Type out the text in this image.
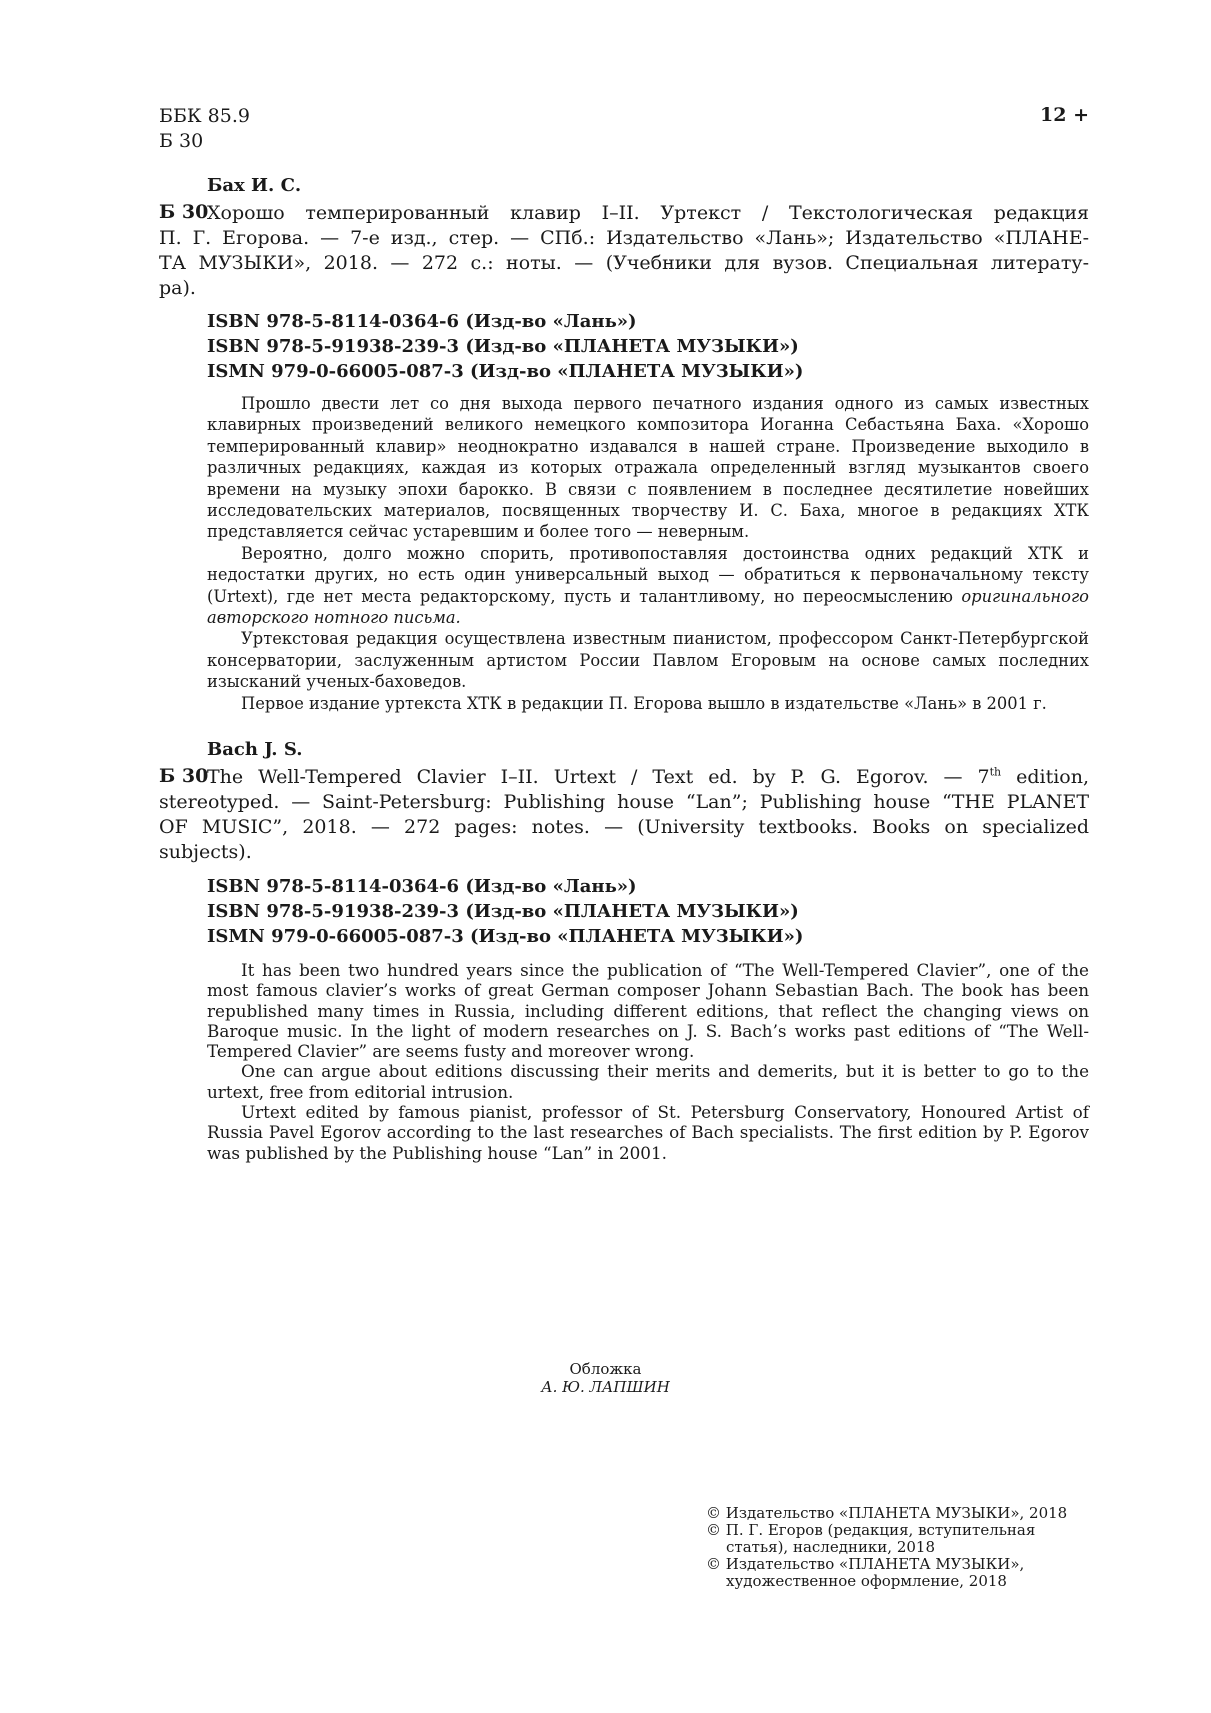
ББК 85.9
Б 30
12 +
Бах И. С.
Б 30
Хорошо темперированный клавир I–II. Уртекст / Текстологическая редакция
П. Г. Егорова. — 7-е изд., стер. — СПб.: Издательство «Лань»; Издательство «ПЛАНЕ-
ТА МУЗЫКИ», 2018. — 272 с.: ноты. — (Учебники для вузов. Специальная литерату-
ра).
ISBN 978-5-8114-0364-6 (Изд-во «Лань»)
ISBN 978-5-91938-239-3 (Изд-во «ПЛАНЕТА МУЗЫКИ»)
ISMN 979-0-66005-087-3 (Изд-во «ПЛАНЕТА МУЗЫКИ»)

Прошло двести лет со дня выхода первого печатного издания одного из самых известных клавирных произведений великого немецкого композитора Иоганна Себастьяна Баха. «Хорошо темперированный клавир» неоднократно издавался в нашей стране. Произведение выходило в различных редакциях, каждая из которых отражала определенный взгляд музыкантов своего времени на музыку эпохи барокко. В связи с появлением в последнее десятилетие новейших исследовательских материалов, посвященных творчеству И. С. Баха, многое в редакциях ХТК представляется сейчас устаревшим и более того — неверным.

Вероятно, долго можно спорить, противопоставляя достоинства одних редакций ХТК и недостатки других, но есть один универсальный выход — обратиться к первоначальному тексту (Urtext), где нет места редакторскому, пусть и талантливому, но переосмыслению оригинального авторского нотного письма.

Уртекстовая редакция осуществлена известным пианистом, профессором Санкт-Петербургской консерватории, заслуженным артистом России Павлом Егоровым на основе самых последних изысканий ученых-баховедов.

Первое издание уртекста ХТК в редакции П. Егорова вышло в издательстве «Лань» в 2001 г.

Bach J. S.
Б 30
The Well-Tempered Clavier I–II. Urtext / Text ed. by P. G. Egorov. — 7th edition,
stereotyped. — Saint-Petersburg: Publishing house “Lan”; Publishing house “THE PLANET
OF MUSIC”, 2018. — 272 pages: notes. — (University textbooks. Books on specialized
subjects).
ISBN 978-5-8114-0364-6 (Изд-во «Лань»)
ISBN 978-5-91938-239-3 (Изд-во «ПЛАНЕТА МУЗЫКИ»)
ISMN 979-0-66005-087-3 (Изд-во «ПЛАНЕТА МУЗЫКИ»)

It has been two hundred years since the publication of “The Well-Tempered Clavier”, one of the most famous clavier’s works of great German composer Johann Sebastian Bach. The book has been republished many times in Russia, including different editions, that reflect the changing views on Baroque music. In the light of modern researches on J. S. Bach’s works past editions of “The Well-Tempered Clavier” are seems fusty and moreover wrong.

One can argue about editions discussing their merits and demerits, but it is better to go to the urtext, free from editorial intrusion.

Urtext edited by famous pianist, professor of St. Petersburg Conservatory, Honoured Artist of Russia Pavel Egorov according to the last researches of Bach specialists. The first edition by P. Egorov was published by the Publishing house “Lan” in 2001.

Обложка
А. Ю. ЛАПШИН
© Издательство «ПЛАНЕТА МУЗЫКИ», 2018
© П. Г. Егоров (редакция, вступительная
статья), наследники, 2018
© Издательство «ПЛАНЕТА МУЗЫКИ»,
художественное оформление, 2018
